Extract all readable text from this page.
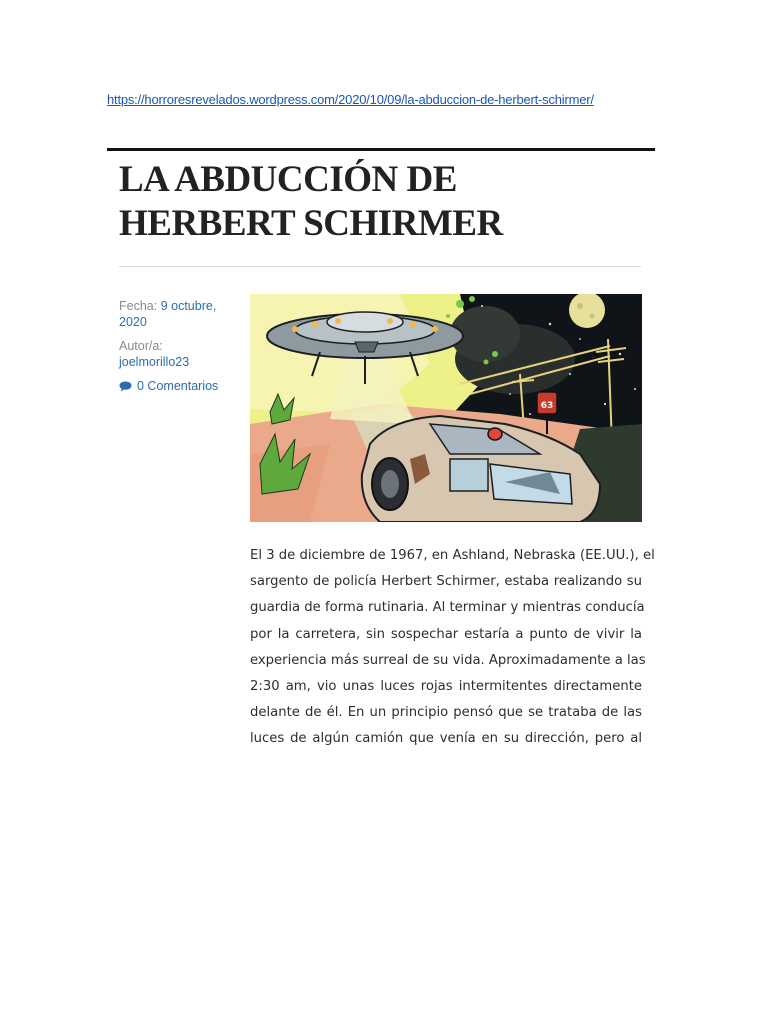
https://horroresrevelados.wordpress.com/2020/10/09/la-abduccion-de-herbert-schirmer/
LA ABDUCCIÓN DE
HERBERT SCHIRMER
Fecha: 9 octubre,
2020
Autor/a:
joelmorillo23
0 Comentarios
63
El 3 de diciembre de 1967, en Ashland, Nebraska (EE.UU.), el
sargento de policía Herbert Schirmer, estaba realizando su
guardia de forma rutinaria. Al terminar y mientras conducía
por la carretera, sin sospechar estaría a punto de vivir la
experiencia más surreal de su vida. Aproximadamente a las
2:30 am, vio unas luces rojas intermitentes directamente
delante de él. En un principio pensó que se trataba de las
luces de algún camión que venía en su dirección, pero al
